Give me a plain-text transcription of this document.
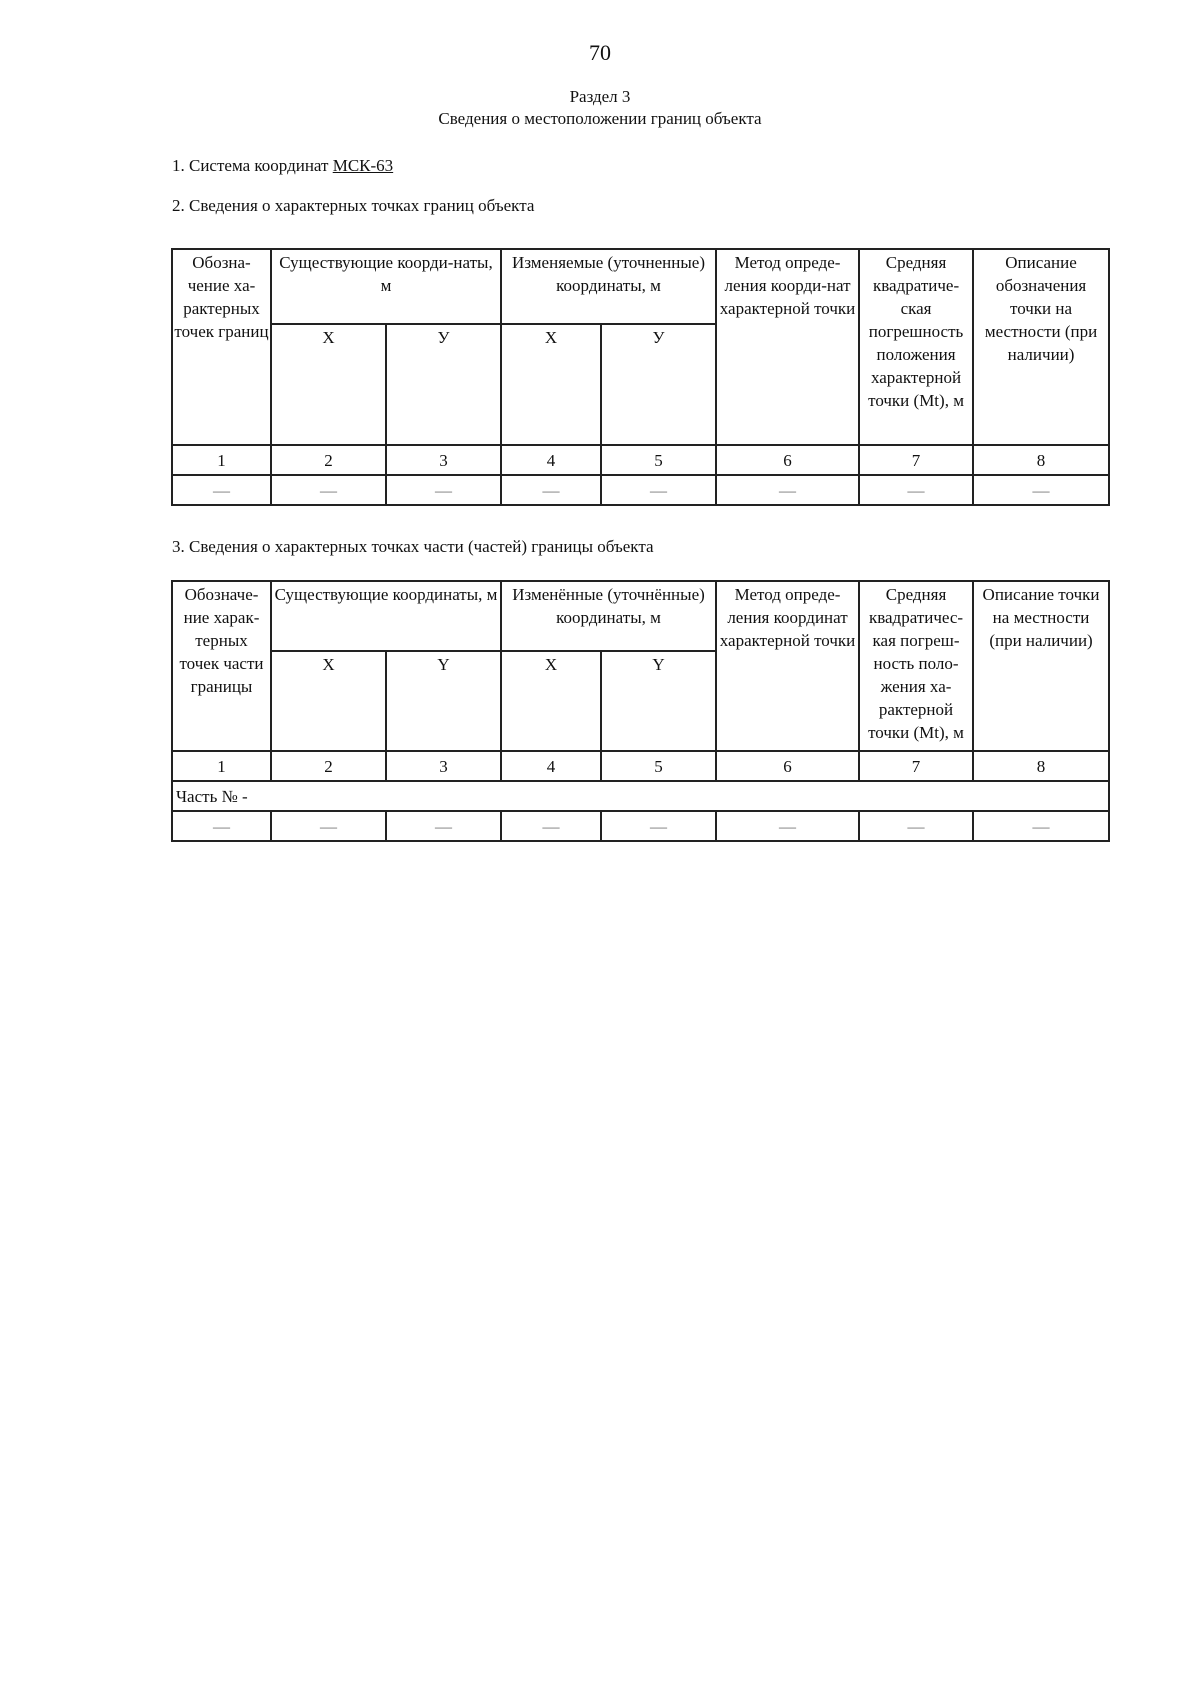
70
Раздел 3
Сведения о местоположении границ объекта
1. Система координат МСК-63
2. Сведения о характерных точках границ объекта
Обозна-чение ха-рактерных точек границ	Существующие коорди-наты, м		Изменяемые (уточненные) координаты, м		Метод опреде-ления коорди-нат характерной точки	Средняя квадратиче-ская погрешность положения характерной точки (Mt), м	Описание обозначения точки на местности (при наличии)
	X	У	X	У			
1	2	3	4	5	6	7	8
—	—	—	—	—	—	—	—
3. Сведения о характерных точках части (частей) границы объекта
Обозначе-ние харак-терных точек части границы	Существующие координаты, м		Изменённые (уточнённые) координаты, м		Метод опреде-ления координат характерной точки	Средняя квадратичес-кая погреш-ность поло-жения ха-рактерной точки (Mt), м	Описание точки на местности (при наличии)
	X	Y	X	Y			
1	2	3	4	5	6	7	8
Часть № -							
—	—	—	—	—	—	—	—
